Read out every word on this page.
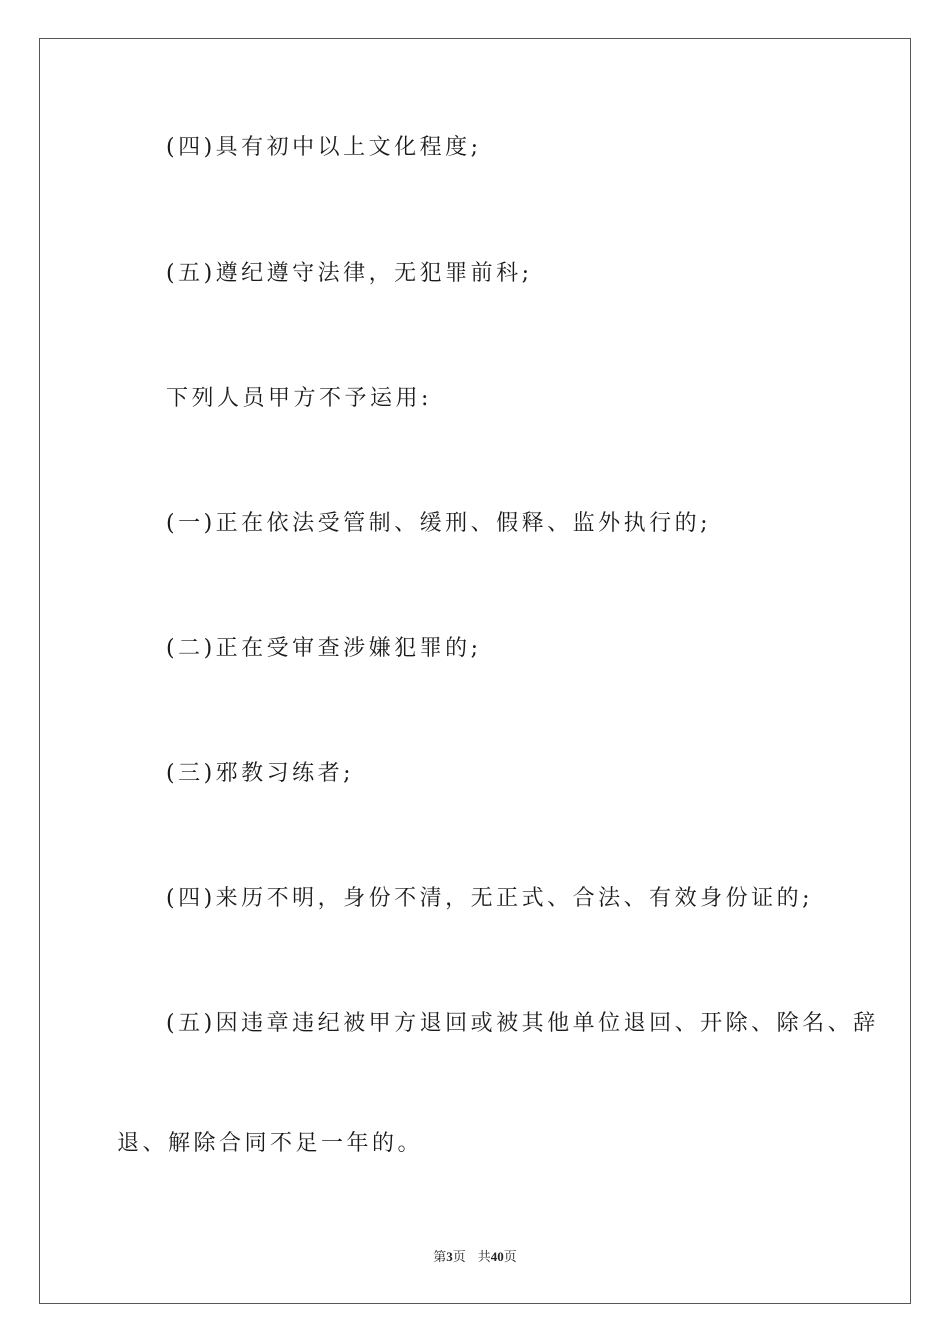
(四)具有初中以上文化程度;
(五)遵纪遵守法律，无犯罪前科;
下列人员甲方不予运用:
(一)正在依法受管制、缓刑、假释、监外执行的;
(二)正在受审查涉嫌犯罪的;
(三)邪教习练者;
(四)来历不明，身份不清，无正式、合法、有效身份证的;
(五)因违章违纪被甲方退回或被其他单位退回、开除、除名、辞
退、解除合同不足一年的。
第3页 共40页
